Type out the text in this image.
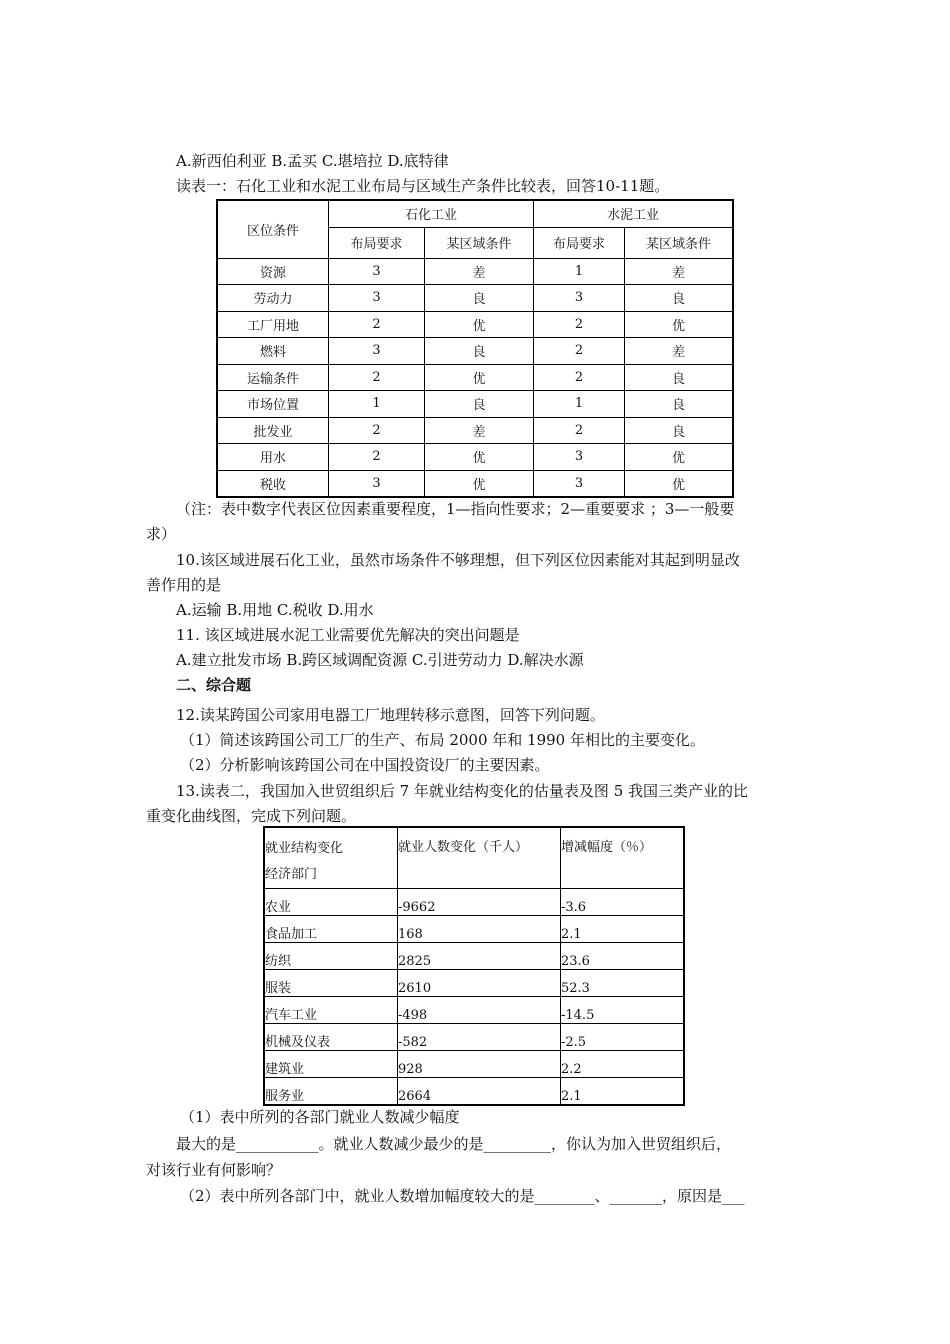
A.新西伯利亚 B.孟买 C.堪培拉 D.底特律
读表一：石化工业和水泥工业布局与区域生产条件比较表，回答10-11题。
区位条件	石化工业		水泥工业	
	布局要求	某区域条件	布局要求	某区域条件
资源	3	差	1	差
劳动力	3	良	3	良
工厂用地	2	优	2	优
燃料	3	良	2	差
运输条件	2	优	2	良
市场位置	1	良	1	良
批发业	2	差	2	良
用水	2	优	3	优
税收	3	优	3	优
（注：表中数字代表区位因素重要程度，1—指向性要求；2—重要要求 ；3—一般要
求）
10.该区域进展石化工业，虽然市场条件不够理想，但下列区位因素能对其起到明显改
善作用的是
A.运输 B.用地 C.税收 D.用水
11. 该区域进展水泥工业需要优先解决的突出问题是
A.建立批发市场 B.跨区域调配资源 C.引进劳动力 D.解决水源
二、综合题
12.读某跨国公司家用电器工厂地理转移示意图，回答下列问题。
（1）简述该跨国公司工厂的生产、布局 2000 年和 1990 年相比的主要变化。
（2）分析影响该跨国公司在中国投资设厂的主要因素。
13.读表二，我国加入世贸组织后 7 年就业结构变化的估量表及图 5 我国三类产业的比
重变化曲线图，完成下列问题。
就业结构变化
经济部门	就业人数变化（千人）	增减幅度（％）
农业	-9662	-3.6
食品加工	168	2.1
纺织	2825	23.6
服装	2610	52.3
汽车工业	-498	-14.5
机械及仪表	-582	-2.5
建筑业	928	2.2
服务业	2664	2.1
（1）表中所列的各部门就业人数减少幅度
最大的是___________。就业人数减少最少的是_________，你认为加入世贸组织后，
对该行业有何影响？
（2）表中所列各部门中，就业人数增加幅度较大的是________、_______，原因是___
